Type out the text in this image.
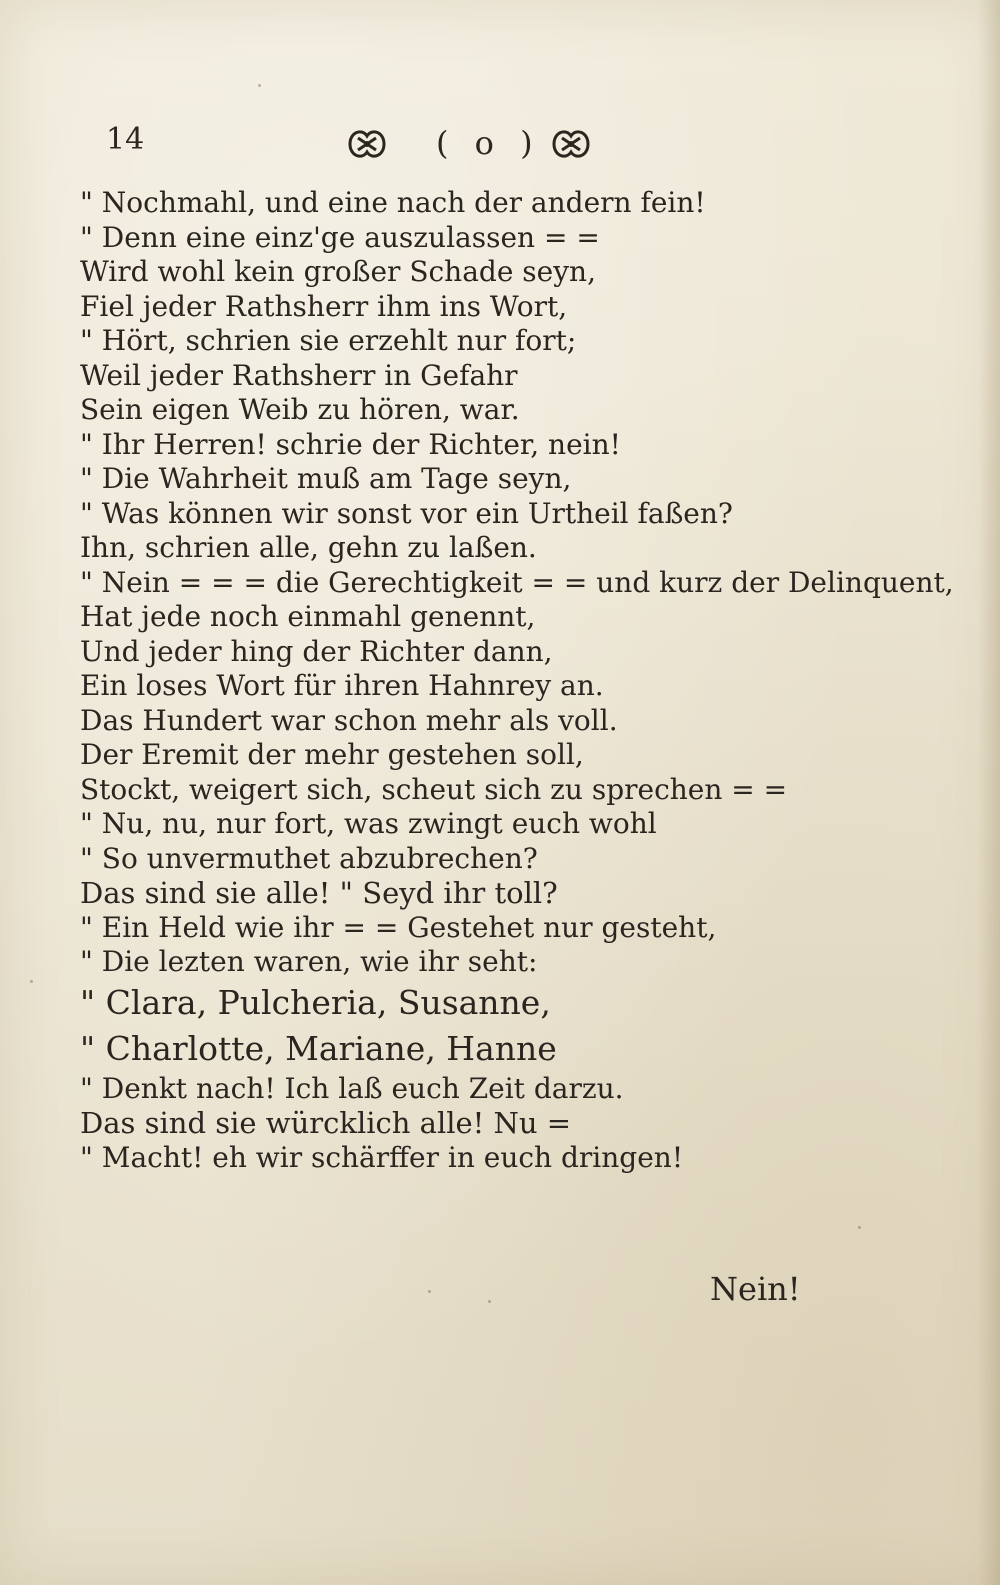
14	( o )
" Nochmahl, und eine nach der andern fein!
" Denn eine einz'ge auszulassen = =
Wird wohl kein großer Schade seyn,
Fiel jeder Rathsherr ihm ins Wort,
" Hört, schrien sie erzehlt nur fort;
Weil jeder Rathsherr in Gefahr
Sein eigen Weib zu hören, war.
" Ihr Herren! schrie der Richter, nein!
" Die Wahrheit muß am Tage seyn,
" Was können wir sonst vor ein Urtheil faßen?
Ihn, schrien alle, gehn zu laßen.
" Nein = = = die Gerechtigkeit = = und kurz der Delinquent,
Hat jede noch einmahl genennt,
Und jeder hing der Richter dann,
Ein loses Wort für ihren Hahnrey an.
Das Hundert war schon mehr als voll.
Der Eremit der mehr gestehen soll,
Stockt, weigert sich, scheut sich zu sprechen = =
" Nu, nu, nur fort, was zwingt euch wohl
" So unvermuthet abzubrechen?
Das sind sie alle! " Seyd ihr toll?
" Ein Held wie ihr = = Gestehet nur gesteht,
" Die lezten waren, wie ihr seht:
" Clara, Pulcheria, Susanne,
" Charlotte, Mariane, Hanne
" Denkt nach! Ich laß euch Zeit darzu.
Das sind sie würcklich alle! Nu =
" Macht! eh wir schärffer in euch dringen!
Nein!
